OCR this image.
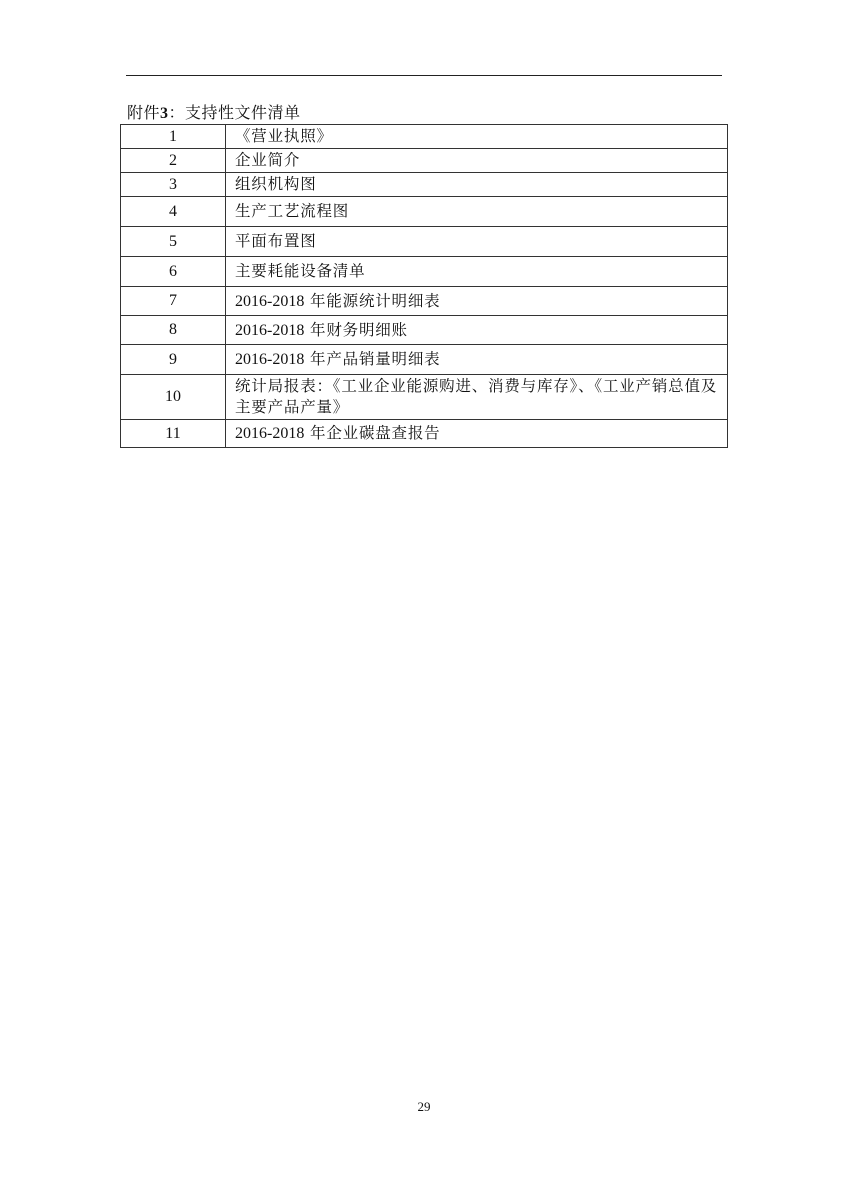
附件3：支持性文件清单
1	《营业执照》
2	企业简介
3	组织机构图
4	生产工艺流程图
5	平面布置图
6	主要耗能设备清单
7	2016-2018 年能源统计明细表
8	2016-2018 年财务明细账
9	2016-2018 年产品销量明细表
10	统计局报表：《工业企业能源购进、消费与库存》、《工业产销总值及主要产品产量》
11	2016-2018 年企业碳盘查报告
29
